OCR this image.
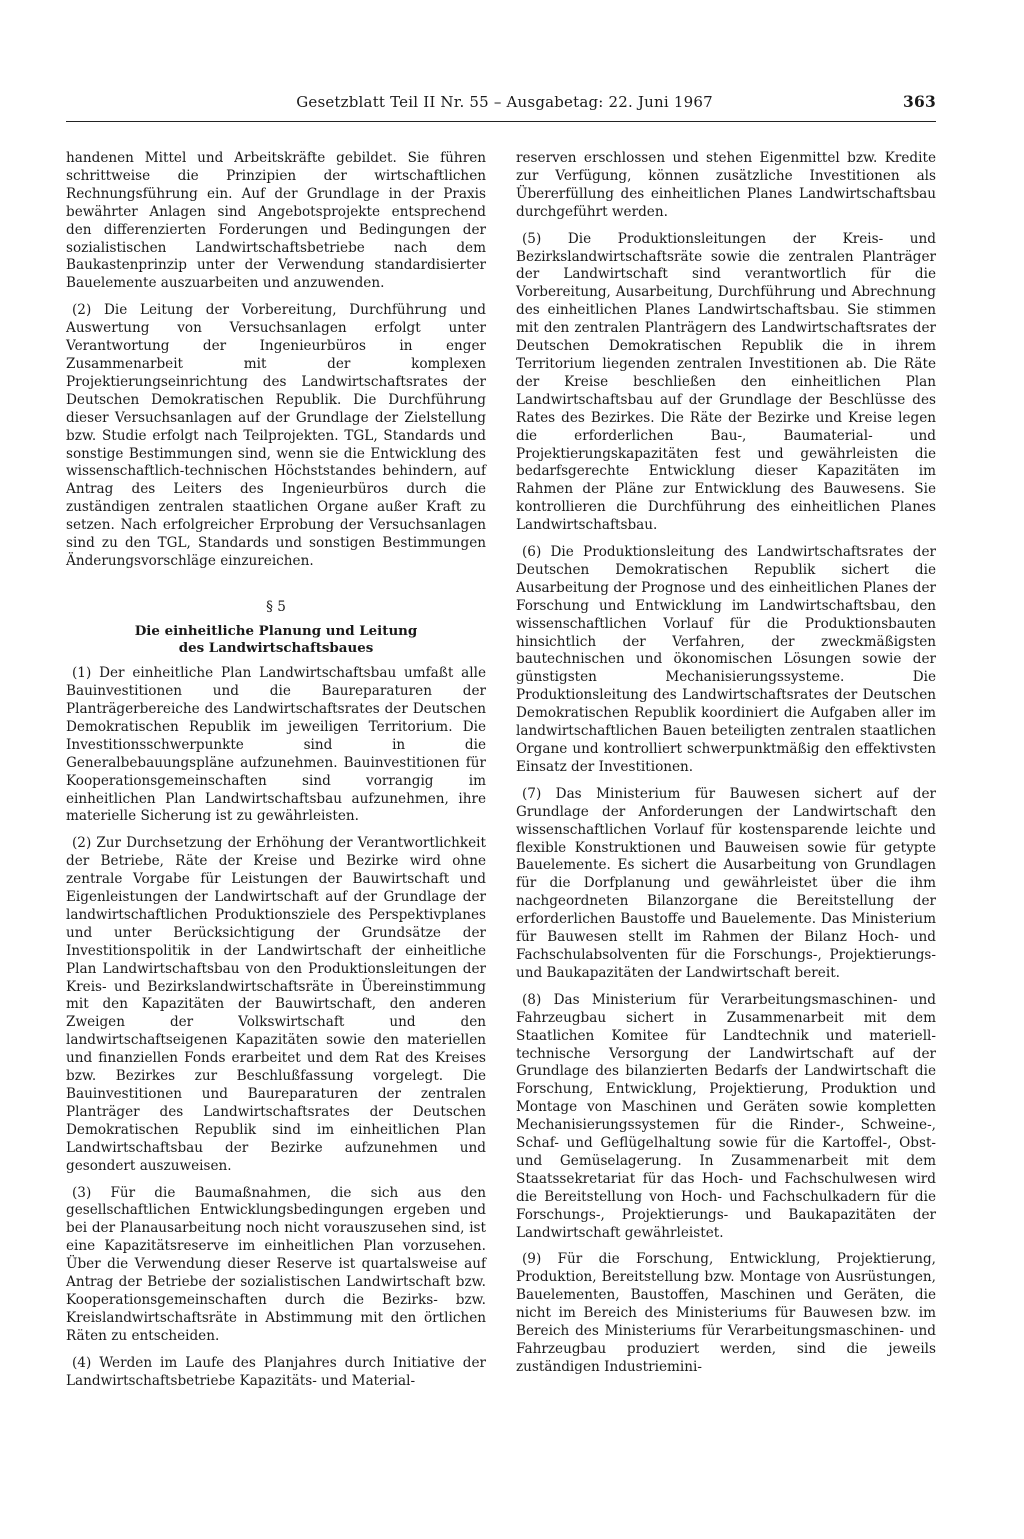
Gesetzblatt Teil II Nr. 55 – Ausgabetag: 22. Juni 1967	363

handenen Mittel und Arbeitskräfte gebildet. Sie führen schrittweise die Prinzipien der wirtschaftlichen Rechnungsführung ein. Auf der Grundlage in der Praxis bewährter Anlagen sind Angebotsprojekte entsprechend den differenzierten Forderungen und Bedingungen der sozialistischen Landwirtschaftsbetriebe nach dem Baukastenprinzip unter der Verwendung standardisierter Bauelemente auszuarbeiten und anzuwenden.

(2) Die Leitung der Vorbereitung, Durchführung und Auswertung von Versuchsanlagen erfolgt unter Verantwortung der Ingenieurbüros in enger Zusammenarbeit mit der komplexen Projektierungseinrichtung des Landwirtschaftsrates der Deutschen Demokratischen Republik. Die Durchführung dieser Versuchsanlagen auf der Grundlage der Zielstellung bzw. Studie erfolgt nach Teilprojekten. TGL, Standards und sonstige Bestimmungen sind, wenn sie die Entwicklung des wissenschaftlich-technischen Höchststandes behindern, auf Antrag des Leiters des Ingenieurbüros durch die zuständigen zentralen staatlichen Organe außer Kraft zu setzen. Nach erfolgreicher Erprobung der Versuchsanlagen sind zu den TGL, Standards und sonstigen Bestimmungen Änderungsvorschläge einzureichen.

§ 5
Die einheitliche Planung und Leitung
des Landwirtschaftsbaues

(1) Der einheitliche Plan Landwirtschaftsbau umfaßt alle Bauinvestitionen und die Baureparaturen der Planträgerbereiche des Landwirtschaftsrates der Deutschen Demokratischen Republik im jeweiligen Territorium. Die Investitionsschwerpunkte sind in die Generalbebauungspläne aufzunehmen. Bauinvestitionen für Kooperationsgemeinschaften sind vorrangig im einheitlichen Plan Landwirtschaftsbau aufzunehmen, ihre materielle Sicherung ist zu gewährleisten.

(2) Zur Durchsetzung der Erhöhung der Verantwortlichkeit der Betriebe, Räte der Kreise und Bezirke wird ohne zentrale Vorgabe für Leistungen der Bauwirtschaft und Eigenleistungen der Landwirtschaft auf der Grundlage der landwirtschaftlichen Produktionsziele des Perspektivplanes und unter Berücksichtigung der Grundsätze der Investitionspolitik in der Landwirtschaft der einheitliche Plan Landwirtschaftsbau von den Produktionsleitungen der Kreis- und Bezirkslandwirtschaftsräte in Übereinstimmung mit den Kapazitäten der Bauwirtschaft, den anderen Zweigen der Volkswirtschaft und den landwirtschaftseigenen Kapazitäten sowie den materiellen und finanziellen Fonds erarbeitet und dem Rat des Kreises bzw. Bezirkes zur Beschlußfassung vorgelegt. Die Bauinvestitionen und Baureparaturen der zentralen Planträger des Landwirtschaftsrates der Deutschen Demokratischen Republik sind im einheitlichen Plan Landwirtschaftsbau der Bezirke aufzunehmen und gesondert auszuweisen.

(3) Für die Baumaßnahmen, die sich aus den gesellschaftlichen Entwicklungsbedingungen ergeben und bei der Planausarbeitung noch nicht vorauszusehen sind, ist eine Kapazitätsreserve im einheitlichen Plan vorzusehen. Über die Verwendung dieser Reserve ist quartalsweise auf Antrag der Betriebe der sozialistischen Landwirtschaft bzw. Kooperationsgemeinschaften durch die Bezirks- bzw. Kreislandwirtschaftsräte in Abstimmung mit den örtlichen Räten zu entscheiden.

(4) Werden im Laufe des Planjahres durch Initiative der Landwirtschaftsbetriebe Kapazitäts- und Material-

reserven erschlossen und stehen Eigenmittel bzw. Kredite zur Verfügung, können zusätzliche Investitionen als Übererfüllung des einheitlichen Planes Landwirtschaftsbau durchgeführt werden.

(5) Die Produktionsleitungen der Kreis- und Bezirkslandwirtschaftsräte sowie die zentralen Planträger der Landwirtschaft sind verantwortlich für die Vorbereitung, Ausarbeitung, Durchführung und Abrechnung des einheitlichen Planes Landwirtschaftsbau. Sie stimmen mit den zentralen Planträgern des Landwirtschaftsrates der Deutschen Demokratischen Republik die in ihrem Territorium liegenden zentralen Investitionen ab. Die Räte der Kreise beschließen den einheitlichen Plan Landwirtschaftsbau auf der Grundlage der Beschlüsse des Rates des Bezirkes. Die Räte der Bezirke und Kreise legen die erforderlichen Bau-, Baumaterial- und Projektierungskapazitäten fest und gewährleisten die bedarfsgerechte Entwicklung dieser Kapazitäten im Rahmen der Pläne zur Entwicklung des Bauwesens. Sie kontrollieren die Durchführung des einheitlichen Planes Landwirtschaftsbau.

(6) Die Produktionsleitung des Landwirtschaftsrates der Deutschen Demokratischen Republik sichert die Ausarbeitung der Prognose und des einheitlichen Planes der Forschung und Entwicklung im Landwirtschaftsbau, den wissenschaftlichen Vorlauf für die Produktionsbauten hinsichtlich der Verfahren, der zweckmäßigsten bautechnischen und ökonomischen Lösungen sowie der günstigsten Mechanisierungssysteme. Die Produktionsleitung des Landwirtschaftsrates der Deutschen Demokratischen Republik koordiniert die Aufgaben aller im landwirtschaftlichen Bauen beteiligten zentralen staatlichen Organe und kontrolliert schwerpunktmäßig den effektivsten Einsatz der Investitionen.

(7) Das Ministerium für Bauwesen sichert auf der Grundlage der Anforderungen der Landwirtschaft den wissenschaftlichen Vorlauf für kostensparende leichte und flexible Konstruktionen und Bauweisen sowie für getypte Bauelemente. Es sichert die Ausarbeitung von Grundlagen für die Dorfplanung und gewährleistet über die ihm nachgeordneten Bilanzorgane die Bereitstellung der erforderlichen Baustoffe und Bauelemente. Das Ministerium für Bauwesen stellt im Rahmen der Bilanz Hoch- und Fachschulabsolventen für die Forschungs-, Projektierungs- und Baukapazitäten der Landwirtschaft bereit.

(8) Das Ministerium für Verarbeitungsmaschinen- und Fahrzeugbau sichert in Zusammenarbeit mit dem Staatlichen Komitee für Landtechnik und materiell-technische Versorgung der Landwirtschaft auf der Grundlage des bilanzierten Bedarfs der Landwirtschaft die Forschung, Entwicklung, Projektierung, Produktion und Montage von Maschinen und Geräten sowie kompletten Mechanisierungssystemen für die Rinder-, Schweine-, Schaf- und Geflügelhaltung sowie für die Kartoffel-, Obst- und Gemüselagerung. In Zusammenarbeit mit dem Staatssekretariat für das Hoch- und Fachschulwesen wird die Bereitstellung von Hoch- und Fachschulkadern für die Forschungs-, Projektierungs- und Baukapazitäten der Landwirtschaft gewährleistet.

(9) Für die Forschung, Entwicklung, Projektierung, Produktion, Bereitstellung bzw. Montage von Ausrüstungen, Bauelementen, Baustoffen, Maschinen und Geräten, die nicht im Bereich des Ministeriums für Bauwesen bzw. im Bereich des Ministeriums für Verarbeitungsmaschinen- und Fahrzeugbau produziert werden, sind die jeweils zuständigen Industriemini-
